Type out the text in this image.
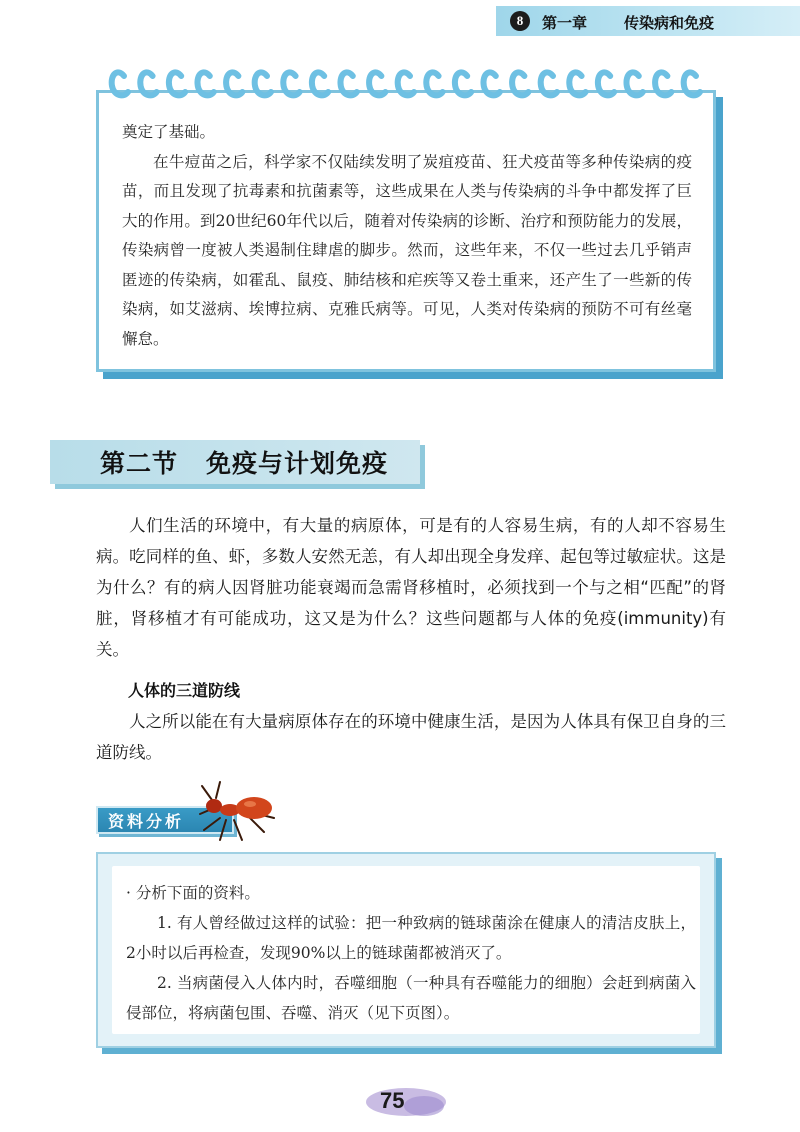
8	第一章 传染病和免疫

奠定了基础。

在牛痘苗之后，科学家不仅陆续发明了炭疽疫苗、狂犬疫苗等多种传染病的疫苗，而且发现了抗毒素和抗菌素等，这些成果在人类与传染病的斗争中都发挥了巨大的作用。到20世纪60年代以后，随着对传染病的诊断、治疗和预防能力的发展，传染病曾一度被人类遏制住肆虐的脚步。然而，这些年来，不仅一些过去几乎销声匿迹的传染病，如霍乱、鼠疫、肺结核和疟疾等又卷土重来，还产生了一些新的传染病，如艾滋病、埃博拉病、克雅氏病等。可见，人类对传染病的预防不可有丝毫懈怠。

第二节 免疫与计划免疫

人们生活的环境中，有大量的病原体，可是有的人容易生病，有的人却不容易生病。吃同样的鱼、虾，多数人安然无恙，有人却出现全身发痒、起包等过敏症状。这是为什么？有的病人因肾脏功能衰竭而急需肾移植时，必须找到一个与之相“匹配”的肾脏，肾移植才有可能成功，这又是为什么？这些问题都与人体的免疫(immunity)有关。

人体的三道防线

人之所以能在有大量病原体存在的环境中健康生活，是因为人体具有保卫自身的三道防线。

资料分析

· 分析下面的资料。

1. 有人曾经做过这样的试验：把一种致病的链球菌涂在健康人的清洁皮肤上，2小时以后再检查，发现90%以上的链球菌都被消灭了。

2. 当病菌侵入人体内时，吞噬细胞（一种具有吞噬能力的细胞）会赶到病菌入侵部位，将病菌包围、吞噬、消灭（见下页图）。

75
